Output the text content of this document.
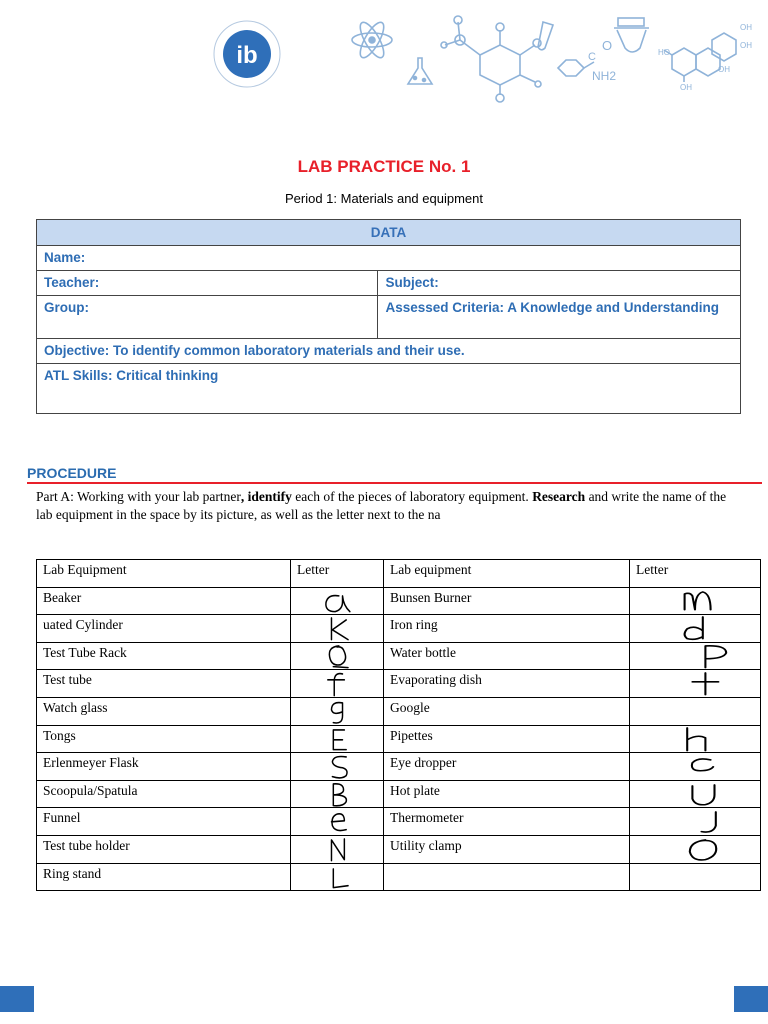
ib	C
O
NH2
HO
OH
OH
OH
OH
LAB PRACTICE No. 1
Period 1: Materials and equipment
DATA	
Name:	
Teacher:	Subject:
Group:	Assessed Criteria: A Knowledge and Understanding
Objective: To identify common laboratory materials and their use.	
ATL Skills: Critical thinking	
PROCEDURE
Part A: Working with your lab partner, identify each of the pieces of laboratory equipment. Research and write the name of the lab equipment in the space by its picture, as well as the letter next to the na
Lab Equipment	Letter	Lab equipment	Letter
Beaker		Bunsen Burner	

uated Cylinder		Iron ring	

Test Tube Rack		Water bottle	

Test tube		Evaporating dish	

Watch glass		Google	
Tongs		Pipettes	

Erlenmeyer Flask		Eye dropper	

Scoopula/Spatula		Hot plate	

Funnel		Thermometer	

Test tube holder		Utility clamp	

Ring stand	
